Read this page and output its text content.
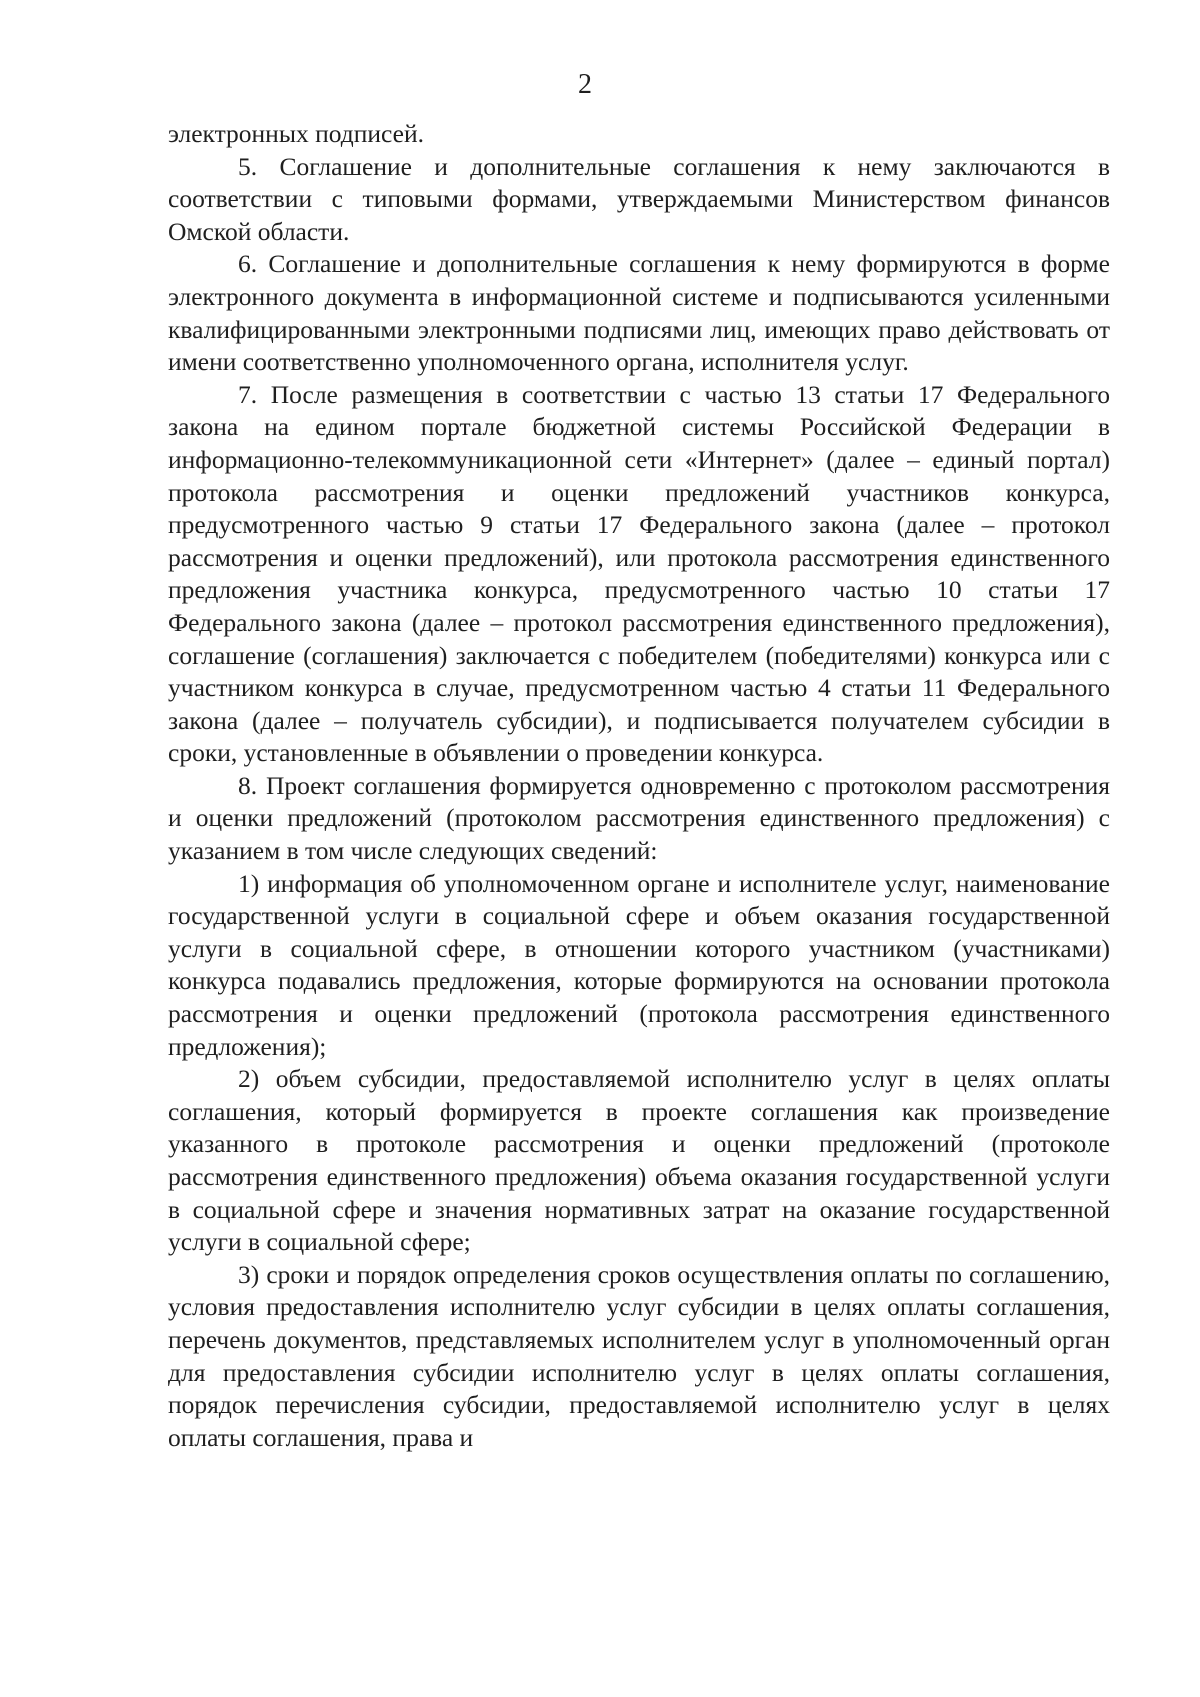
2

электронных подписей.

5. Соглашение и дополнительные соглашения к нему заключаются в соответствии с типовыми формами, утверждаемыми Министерством финансов Омской области.

6. Соглашение и дополнительные соглашения к нему формируются в форме электронного документа в информационной системе и подписываются усиленными квалифицированными электронными подписями лиц, имеющих право действовать от имени соответственно уполномоченного органа, исполнителя услуг.

7. После размещения в соответствии с частью 13 статьи 17 Федерального закона на едином портале бюджетной системы Российской Федерации в информационно-телекоммуникационной сети «Интернет» (далее – единый портал) протокола рассмотрения и оценки предложений участников конкурса, предусмотренного частью 9 статьи 17 Федерального закона (далее – протокол рассмотрения и оценки предложений), или протокола рассмотрения единственного предложения участника конкурса, предусмотренного частью 10 статьи 17 Федерального закона (далее – протокол рассмотрения единственного предложения), соглашение (соглашения) заключается с победителем (победителями) конкурса или с участником конкурса в случае, предусмотренном частью 4 статьи 11 Федерального закона (далее – получатель субсидии), и подписывается получателем субсидии в сроки, установленные в объявлении о проведении конкурса.

8. Проект соглашения формируется одновременно с протоколом рассмотрения и оценки предложений (протоколом рассмотрения единственного предложения) с указанием в том числе следующих сведений:

1) информация об уполномоченном органе и исполнителе услуг, наименование государственной услуги в социальной сфере и объем оказания государственной услуги в социальной сфере, в отношении которого участником (участниками) конкурса подавались предложения, которые формируются на основании протокола рассмотрения и оценки предложений (протокола рассмотрения единственного предложения);

2) объем субсидии, предоставляемой исполнителю услуг в целях оплаты соглашения, который формируется в проекте соглашения как произведение указанного в протоколе рассмотрения и оценки предложений (протоколе рассмотрения единственного предложения) объема оказания государственной услуги в социальной сфере и значения нормативных затрат на оказание государственной услуги в социальной сфере;

3) сроки и порядок определения сроков осуществления оплаты по соглашению, условия предоставления исполнителю услуг субсидии в целях оплаты соглашения, перечень документов, представляемых исполнителем услуг в уполномоченный орган для предоставления субсидии исполнителю услуг в целях оплаты соглашения, порядок перечисления субсидии, предоставляемой исполнителю услуг в целях оплаты соглашения, права и
